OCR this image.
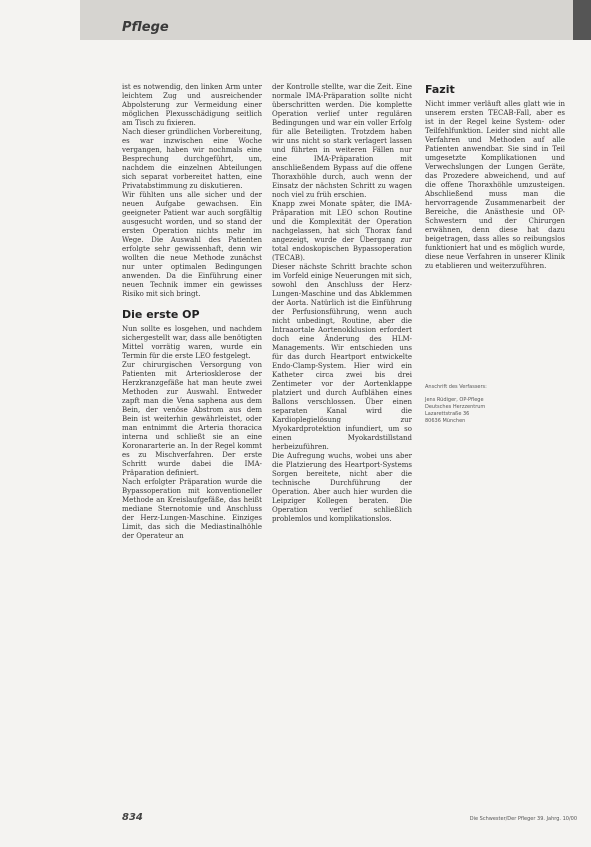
Pflege

ist es notwendig, den linken Arm unter leichtem Zug und ausreichender Abpolsterung zur Vermeidung einer möglichen Plexusschädigung seitlich am Tisch zu fixieren.

Nach dieser gründlichen Vorbereitung, es war inzwischen eine Woche vergangen, haben wir nochmals eine Besprechung durchgeführt, um, nachdem die einzelnen Abteilungen sich separat vorbereitet hatten, eine Privatabstimmung zu diskutieren.

Wir fühlten uns alle sicher und der neuen Aufgabe gewachsen. Ein geeigneter Patient war auch sorgfältig ausgesucht worden, und so stand der ersten Operation nichts mehr im Wege. Die Auswahl des Patienten erfolgte sehr gewissenhaft, denn wir wollten die neue Methode zunächst nur unter optimalen Bedingungen anwenden. Da die Einführung einer neuen Technik immer ein gewisses Risiko mit sich bringt.

Die erste OP

Nun sollte es losgehen, und nachdem sichergestellt war, dass alle benötigten Mittel vorrätig waren, wurde ein Termin für die erste LEO festgelegt.

Zur chirurgischen Versorgung von Patienten mit Arteriosklerose der Herzkranzgefäße hat man heute zwei Methoden zur Auswahl. Entweder zapft man die Vena saphena aus dem Bein, der venöse Abstrom aus dem Bein ist weiterhin gewährleistet, oder man entnimmt die Arteria thoracica interna und schließt sie an eine Koronararterie an. In der Regel kommt es zu Mischverfahren. Der erste Schritt wurde dabei die IMA-Präparation definiert.

Nach erfolgter Präparation wurde die Bypassoperation mit konventioneller Methode an Kreislaufgefäße, das heißt mediane Sternotomie und Anschluss der Herz-Lungen-Maschine. Einziges Limit, das sich die Mediastinalhöhle der Operateur an

der Kontrolle stellte, war die Zeit. Eine normale IMA-Präparation sollte nicht überschritten werden. Die komplette Operation verlief unter regulären Bedingungen und war ein voller Erfolg für alle Beteiligten. Trotzdem haben wir uns nicht so stark verlagert lassen und führten in weiteren Fällen nur eine IMA-Präparation mit anschließendem Bypass auf die offene Thoraxhöhle durch, auch wenn der Einsatz der nächsten Schritt zu wagen noch viel zu früh erschien.

Knapp zwei Monate später, die IMA-Präparation mit LEO schon Routine und die Komplexität der Operation nachgelassen, hat sich Thorax fand angezeigt, wurde der Übergang zur total endoskopischen Bypassoperation (TECAB).

Dieser nächste Schritt brachte schon im Vorfeld einige Neuerungen mit sich, sowohl den Anschluss der Herz-Lungen-Maschine und das Abklemmen der Aorta. Natürlich ist die Einführung der Perfusionsführung, wenn auch nicht unbedingt, Routine, aber die Intraaortale Aortenokklusion erfordert doch eine Änderung des HLM-Managements. Wir entschieden uns für das durch Heartport entwickelte Endo-Clamp-System. Hier wird ein Katheter circa zwei bis drei Zentimeter vor der Aortenklappe platziert und durch Aufblähen eines Ballons verschlossen. Über einen separaten Kanal wird die Kardioplegielösung zur Myokardprotektion infundiert, um so einen Myokardstillstand herbeizuführen.

Die Aufregung wuchs, wobei uns aber die Platzierung des Heartport-Systems Sorgen bereitete, nicht aber die technische Durchführung der Operation. Aber auch hier wurden die Leipziger Kollegen beraten. Die Operation verlief schließlich problemlos und komplikationslos.

Fazit

Nicht immer verläuft alles glatt wie in unserem ersten TECAB-Fall, aber es ist in der Regel keine System- oder Teilfehlfunktion. Leider sind nicht alle Verfahren und Methoden auf alle Patienten anwendbar. Sie sind in Teil umgesetzte Komplikationen und Verwechslungen der Lungen Geräte, das Prozedere abweichend, und auf die offene Thoraxhöhle umzusteigen. Abschließend muss man die hervorragende Zusammenarbeit der Bereiche, die Anästhesie und OP-Schwestern und der Chirurgen erwähnen, denn diese hat dazu beigetragen, dass alles so reibungslos funktioniert hat und es möglich wurde, diese neue Verfahren in unserer Klinik zu etablieren und weiterzuführen.

Anschrift des Verfassers:
Jens Rüdiger, OP-Pflege
Deutsches Herzzentrum
Lazarettstraße 36
80636 München
834	Die Schwester/Der Pfleger 39. Jahrg. 10/00
